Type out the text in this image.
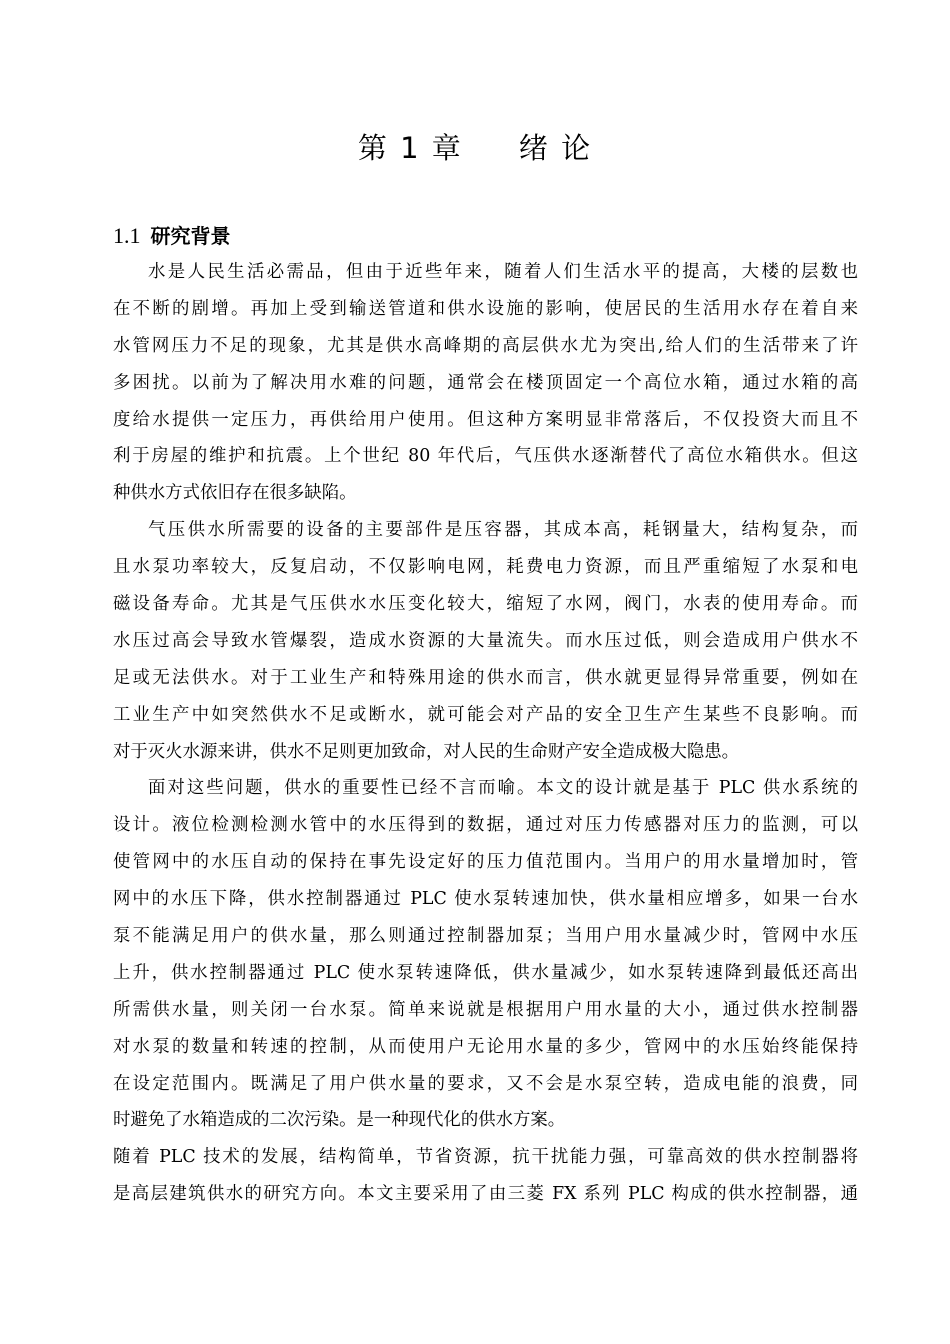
第 1 章     绪 论
1.1 研究背景
水是人民生活必需品，但由于近些年来，随着人们生活水平的提高，大楼的层数也
在不断的剧增。再加上受到输送管道和供水设施的影响，使居民的生活用水存在着自来
水管网压力不足的现象，尤其是供水高峰期的高层供水尤为突出,给人们的生活带来了许
多困扰。以前为了解决用水难的问题，通常会在楼顶固定一个高位水箱，通过水箱的高
度给水提供一定压力，再供给用户使用。但这种方案明显非常落后，不仅投资大而且不
利于房屋的维护和抗震。上个世纪 80 年代后，气压供水逐渐替代了高位水箱供水。但这
种供水方式依旧存在很多缺陷。
气压供水所需要的设备的主要部件是压容器，其成本高，耗钢量大，结构复杂，而
且水泵功率较大，反复启动，不仅影响电网，耗费电力资源，而且严重缩短了水泵和电
磁设备寿命。尤其是气压供水水压变化较大，缩短了水网，阀门，水表的使用寿命。而
水压过高会导致水管爆裂，造成水资源的大量流失。而水压过低，则会造成用户供水不
足或无法供水。对于工业生产和特殊用途的供水而言，供水就更显得异常重要，例如在
工业生产中如突然供水不足或断水，就可能会对产品的安全卫生产生某些不良影响。而
对于灭火水源来讲，供水不足则更加致命，对人民的生命财产安全造成极大隐患。
面对这些问题，供水的重要性已经不言而喻。本文的设计就是基于 PLC 供水系统的
设计。液位检测检测水管中的水压得到的数据，通过对压力传感器对压力的监测，可以
使管网中的水压自动的保持在事先设定好的压力值范围内。当用户的用水量增加时，管
网中的水压下降，供水控制器通过 PLC 使水泵转速加快，供水量相应增多，如果一台水
泵不能满足用户的供水量，那么则通过控制器加泵；当用户用水量减少时，管网中水压
上升，供水控制器通过 PLC 使水泵转速降低，供水量减少，如水泵转速降到最低还高出
所需供水量，则关闭一台水泵。简单来说就是根据用户用水量的大小，通过供水控制器
对水泵的数量和转速的控制，从而使用户无论用水量的多少，管网中的水压始终能保持
在设定范围内。既满足了用户供水量的要求，又不会是水泵空转，造成电能的浪费，同
时避免了水箱造成的二次污染。是一种现代化的供水方案。
随着 PLC 技术的发展，结构简单，节省资源，抗干扰能力强，可靠高效的供水控制器将
是高层建筑供水的研究方向。本文主要采用了由三菱 FX 系列 PLC 构成的供水控制器，通
